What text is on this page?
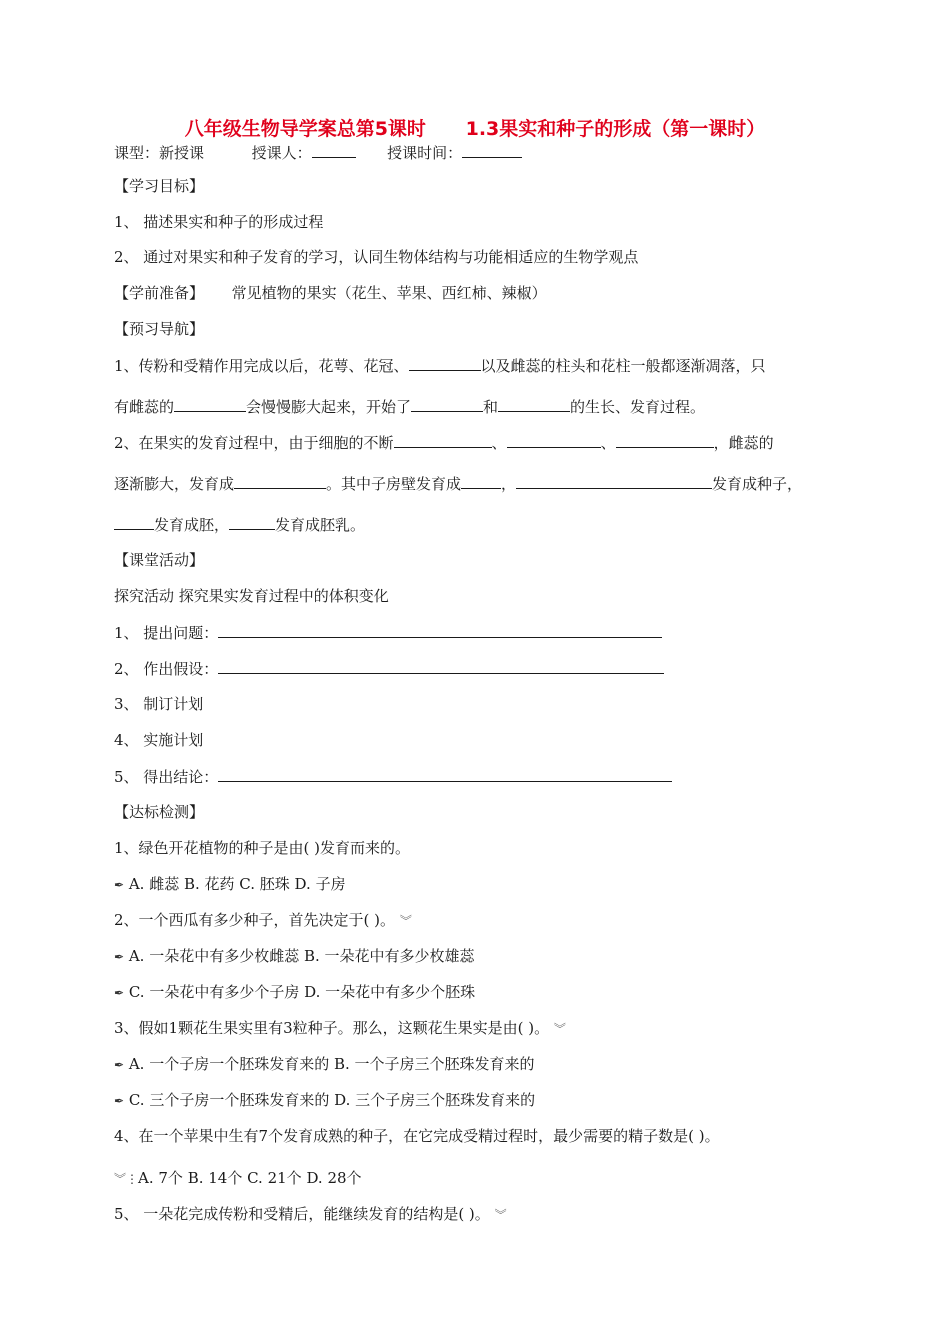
八年级生物导学案总第5课时      1.3果实和种子的形成（第一课时）
课型：新授课	授课人：	授课时间：
【学习目标】
1、 描述果实和种子的形成过程
2、 通过对果实和种子发育的学习，认同生物体结构与功能相适应的生物学观点
【学前准备】 常见植物的果实（花生、苹果、西红柿、辣椒）
【预习导航】
1、传粉和受精作用完成以后，花萼、花冠、	以及雌蕊的柱头和花柱一般都逐渐凋落，只
有雌蕊的	会慢慢膨大起来，开始了	和	的生长、发育过程。
2、在果实的发育过程中，由于细胞的不断	、	、	，雌蕊的
逐渐膨大，发育成	。其中子房壁发育成	，	发育成种子，
发育成胚，	发育成胚乳。
【课堂活动】
探究活动 探究果实发育过程中的体积变化
1、 提出问题：
2、 作出假设：
3、 制订计划
4、 实施计划
5、 得出结论：
【达标检测】
1、绿色开花植物的种子是由( )发育而来的。
✒ A. 雌蕊 B. 花药 C. 胚珠 D. 子房
2、一个西瓜有多少种子，首先决定于( )。 ︾
✒ A. 一朵花中有多少枚雌蕊 B. 一朵花中有多少枚雄蕊
✒ C. 一朵花中有多少个子房 D. 一朵花中有多少个胚珠
3、假如1颗花生果实里有3粒种子。那么，这颗花生果实是由( )。 ︾
✒ A. 一个子房一个胚珠发育来的 B. 一个子房三个胚珠发育来的
✒ C. 三个子房一个胚珠发育来的 D. 三个子房三个胚珠发育来的
4、在一个苹果中生有7个发育成熟的种子，在它完成受精过程时，最少需要的精子数是( )。
︾⋮A. 7个 B. 14个 C. 21个 D. 28个
5、 一朵花完成传粉和受精后，能继续发育的结构是( )。 ︾
